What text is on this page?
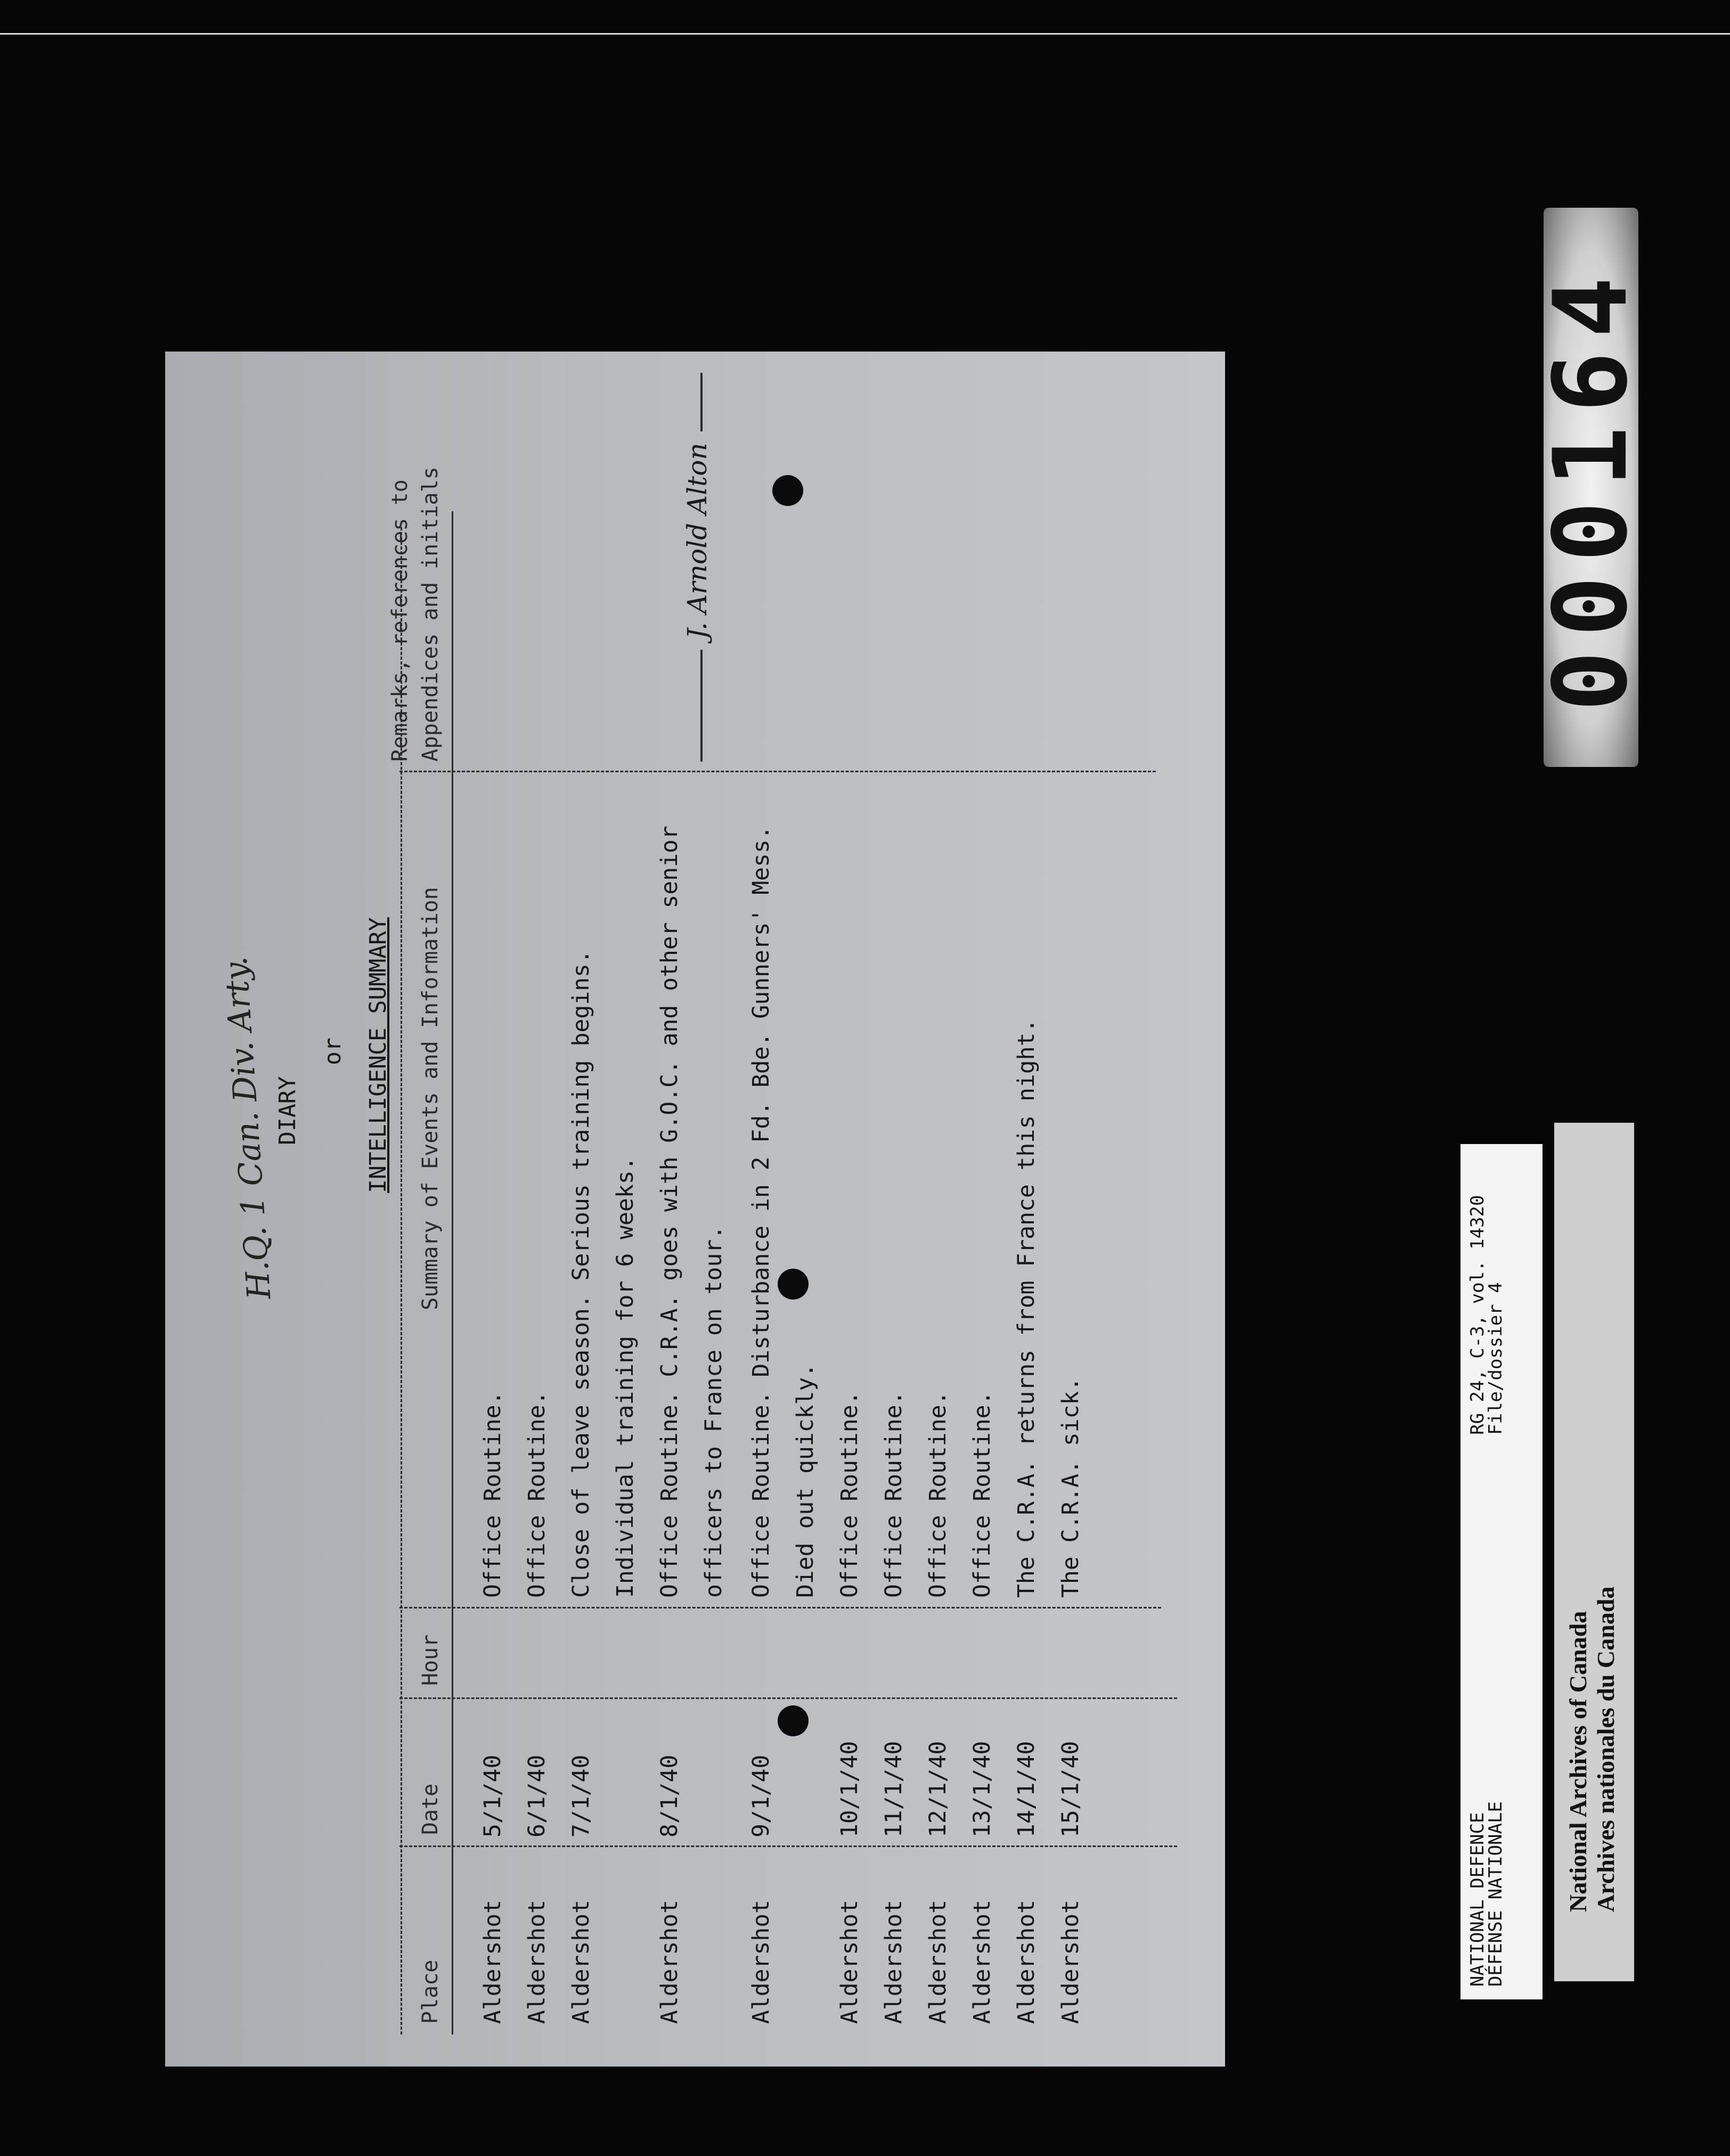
H.Q. 1 Can. Div. Arty.
DIARY
or INTELLIGENCE SUMMARY
Place
Date
Hour
Summary of Events and Information
Remarks, references to Appendices and initials
Aldershot
5/1/40
Office Routine.
Aldershot
6/1/40
Office Routine.
Aldershot
7/1/40
Close of leave season. Serious training begins. Individual training for 6 weeks.
Aldershot
8/1/40
Office Routine. C.R.A. goes with G.O.C. and other senior officers to France on tour.
Aldershot
9/1/40
Office Routine. Disturbance in 2 Fd. Bde. Gunners' Mess. Died out quickly.
Aldershot
10/1/40
Office Routine.
Aldershot
11/1/40
Office Routine.
Aldershot
12/1/40
Office Routine.
Aldershot
13/1/40
Office Routine.
Aldershot
14/1/40
The C.R.A. returns from France this night.
Aldershot
15/1/40
The C.R.A. sick.
J. Arnold Alton	000164
NATIONAL DEFENCE
DÉFENSE NATIONALE
RG 24, C-3, vol. 14320
File/dossier 4
National Archives of Canada Archives nationales du Canada
